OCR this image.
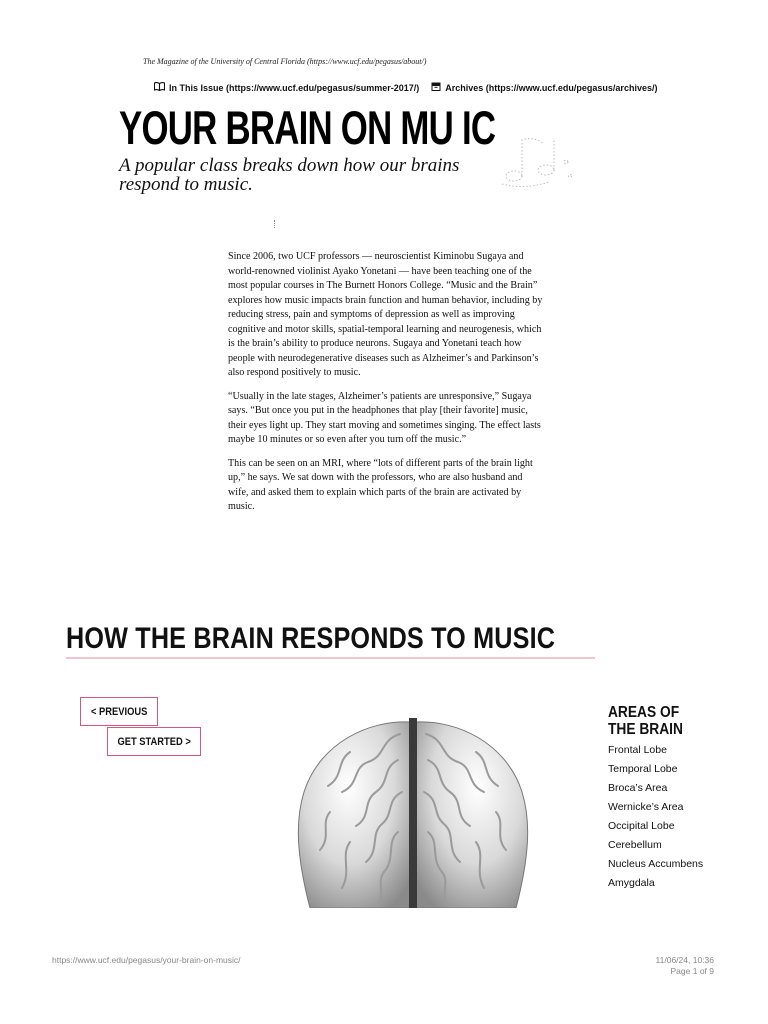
The Magazine of the University of Central Florida (https://www.ucf.edu/pegasus/about/)
In This Issue (https://www.ucf.edu/pegasus/summer-2017/)	Archives (https://www.ucf.edu/pegasus/archives/)
YOUR BRAIN ON MU IC
A popular class breaks down how our brains respond to music.

Since 2006, two UCF professors — neuroscientist Kiminobu Sugaya and world-renowned violinist Ayako Yonetani — have been teaching one of the most popular courses in The Burnett Honors College. “Music and the Brain” explores how music impacts brain function and human behavior, including by reducing stress, pain and symptoms of depression as well as improving cognitive and motor skills, spatial-temporal learning and neurogenesis, which is the brain’s ability to produce neurons. Sugaya and Yonetani teach how people with neurodegenerative diseases such as Alzheimer’s and Parkinson’s also respond positively to music.

“Usually in the late stages, Alzheimer’s patients are unresponsive,” Sugaya says. “But once you put in the headphones that play [their favorite] music, their eyes light up. They start moving and sometimes singing. The effect lasts maybe 10 minutes or so even after you turn off the music.”

This can be seen on an MRI, where “lots of different parts of the brain light up,” he says. We sat down with the professors, who are also husband and wife, and asked them to explain which parts of the brain are activated by music.

HOW THE BRAIN RESPONDS TO MUSIC
< PREVIOUS
GET STARTED >
AREAS OF THE BRAIN
Frontal Lobe
Temporal Lobe
Broca’s Area
Wernicke’s Area
Occipital Lobe
Cerebellum
Nucleus Accumbens
Amygdala
https://www.ucf.edu/pegasus/your-brain-on-music/	11/06/24, 10:36
Page 1 of 9
